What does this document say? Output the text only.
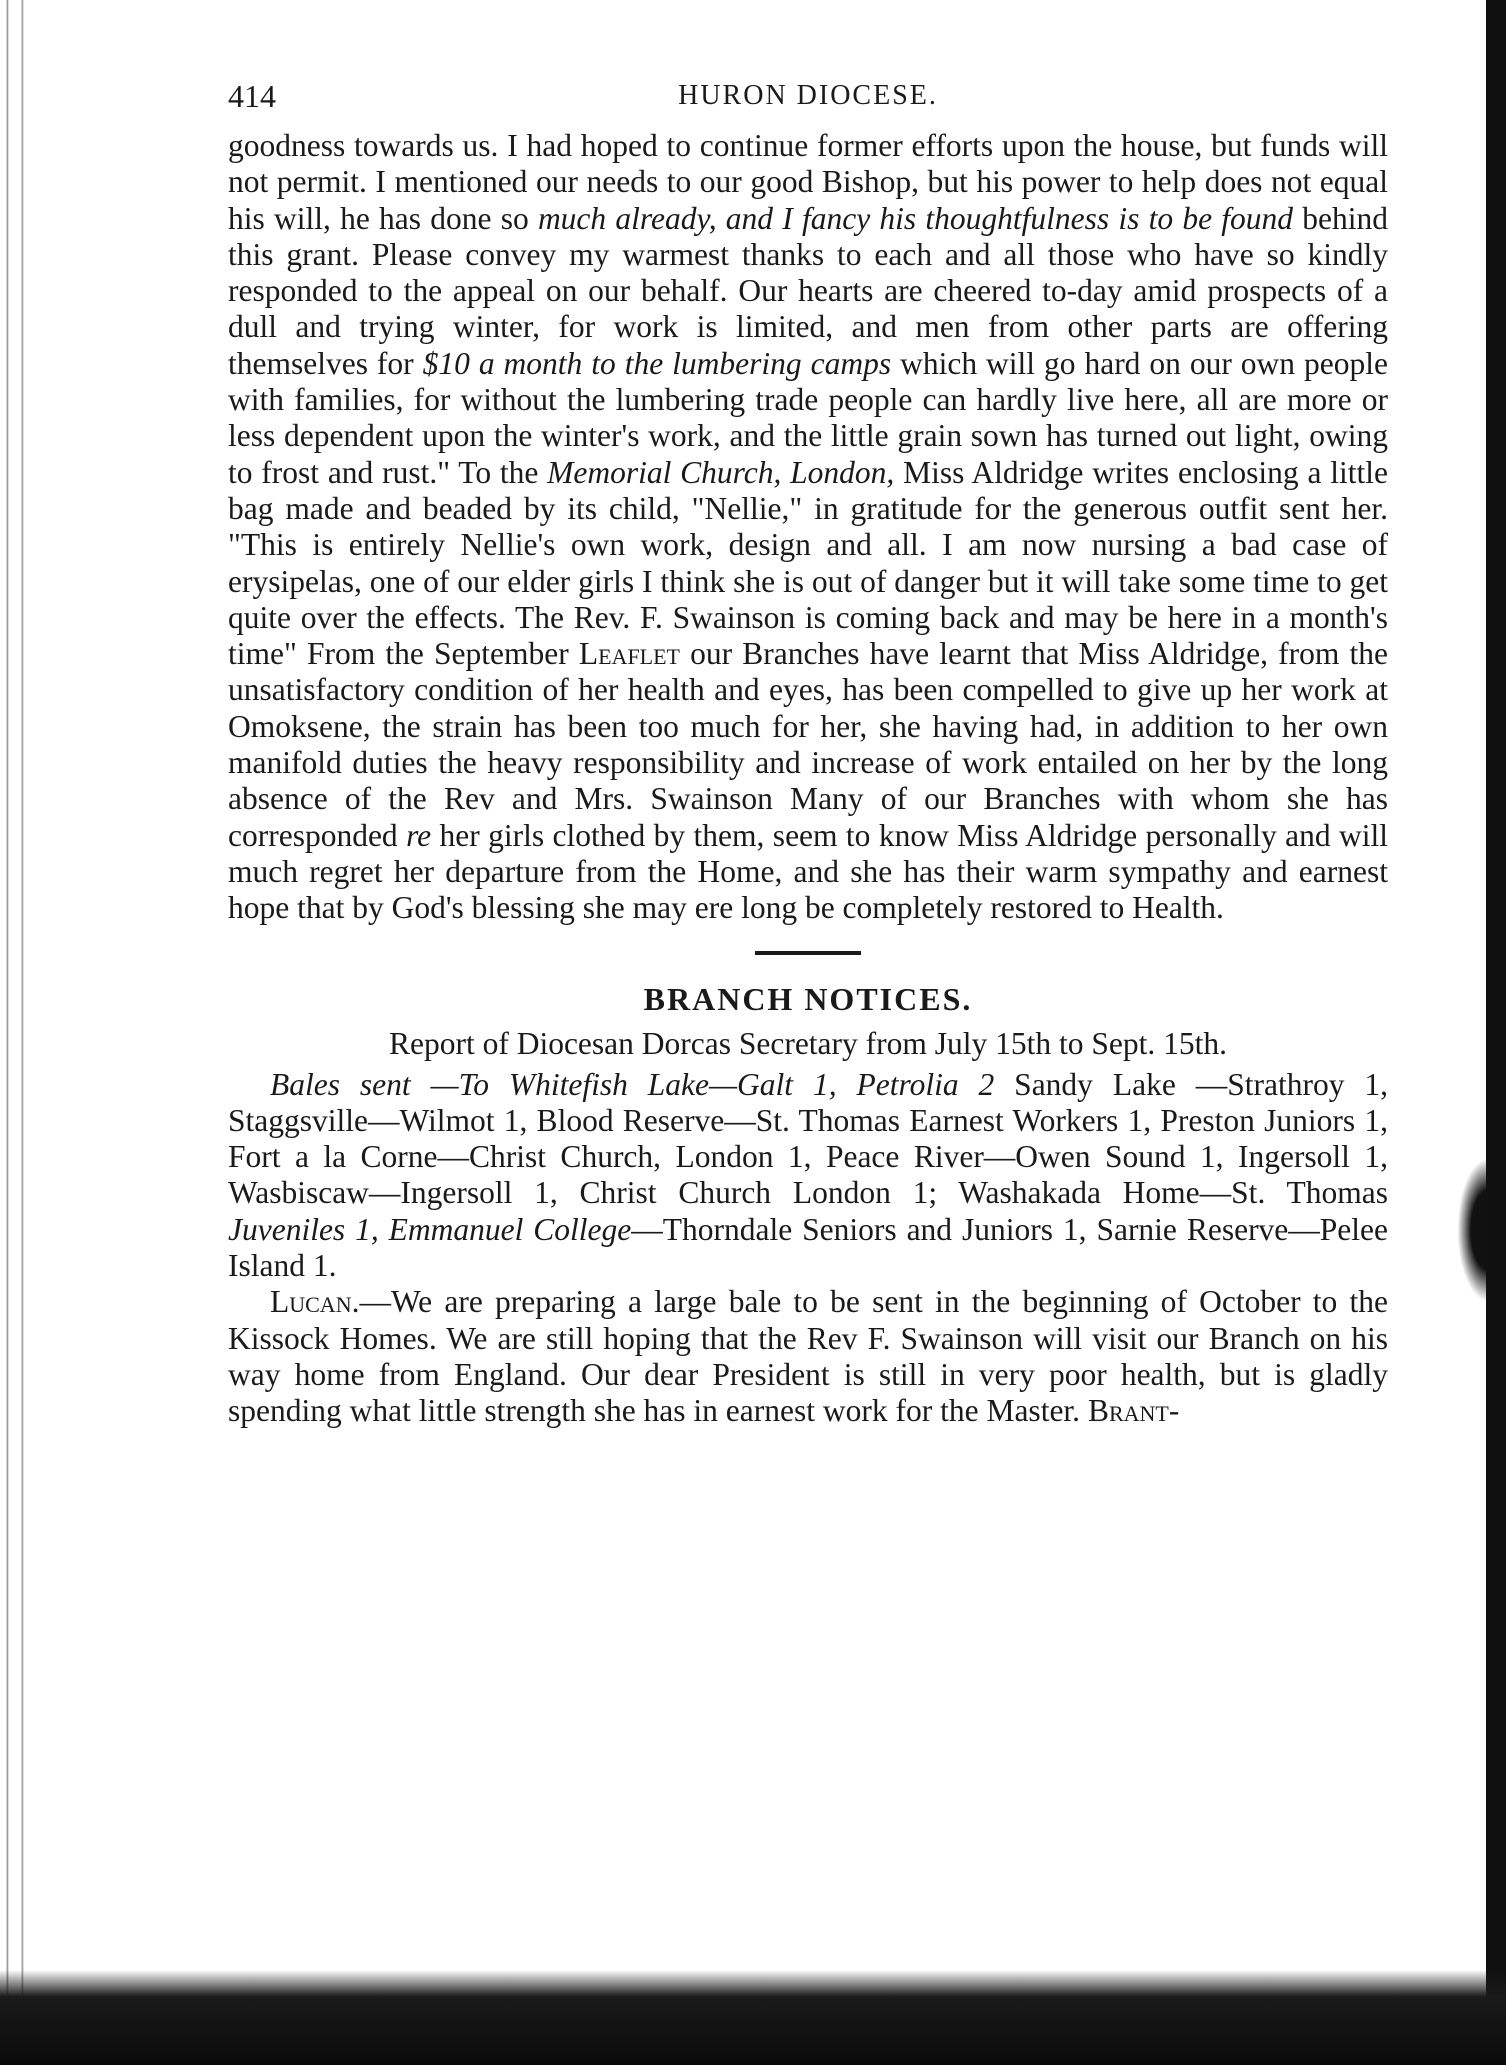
414	HURON DIOCESE.

goodness towards us. I had hoped to continue former efforts upon the house, but funds will not permit. I mentioned our needs to our good Bishop, but his power to help does not equal his will, he has done so much already, and I fancy his thoughtfulness is to be found behind this grant. Please convey my warmest thanks to each and all those who have so kindly responded to the appeal on our behalf. Our hearts are cheered to-day amid prospects of a dull and trying winter, for work is limited, and men from other parts are offering themselves for $10 a month to the lumbering camps which will go hard on our own people with families, for without the lumbering trade people can hardly live here, all are more or less dependent upon the winter's work, and the little grain sown has turned out light, owing to frost and rust." To the Memorial Church, London, Miss Aldridge writes enclosing a little bag made and beaded by its child, "Nellie," in gratitude for the generous outfit sent her. "This is entirely Nellie's own work, design and all. I am now nursing a bad case of erysipelas, one of our elder girls I think she is out of danger but it will take some time to get quite over the effects. The Rev. F. Swainson is coming back and may be here in a month's time" From the September Leaflet our Branches have learnt that Miss Aldridge, from the unsatisfactory condition of her health and eyes, has been compelled to give up her work at Omoksene, the strain has been too much for her, she having had, in addition to her own manifold duties the heavy responsibility and increase of work entailed on her by the long absence of the Rev and Mrs. Swainson Many of our Branches with whom she has corresponded re her girls clothed by them, seem to know Miss Aldridge personally and will much regret her departure from the Home, and she has their warm sympathy and earnest hope that by God's blessing she may ere long be completely restored to Health.

BRANCH NOTICES.

Report of Diocesan Dorcas Secretary from July 15th to Sept. 15th.

Bales sent —To Whitefish Lake—Galt 1, Petrolia 2 Sandy Lake —Strathroy 1, Staggsville—Wilmot 1, Blood Reserve—St. Thomas Earnest Workers 1, Preston Juniors 1, Fort a la Corne—Christ Church, London 1, Peace River—Owen Sound 1, Ingersoll 1, Wasbiscaw—Ingersoll 1, Christ Church London 1; Washakada Home—St. Thomas Juveniles 1, Emmanuel College—Thorndale Seniors and Juniors 1, Sarnie Reserve—Pelee Island 1.

Lucan.—We are preparing a large bale to be sent in the beginning of October to the Kissock Homes. We are still hoping that the Rev F. Swainson will visit our Branch on his way home from England. Our dear President is still in very poor health, but is gladly spending what little strength she has in earnest work for the Master. Brant-
